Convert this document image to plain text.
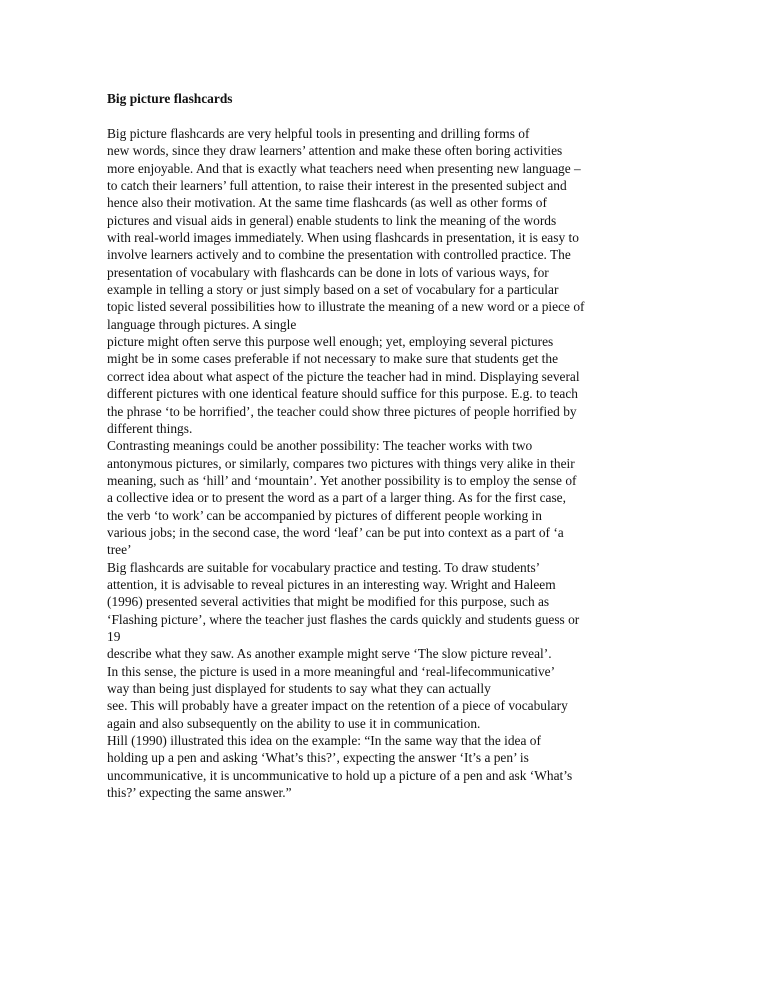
Big picture flashcards
Big picture flashcards are very helpful tools in presenting and drilling forms of
new words, since they draw learners’ attention and make these often boring activities
more enjoyable. And that is exactly what teachers need when presenting new language –
to catch their learners’ full attention, to raise their interest in the presented subject and
hence also their motivation. At the same time flashcards (as well as other forms of
pictures and visual aids in general) enable students to link the meaning of the words
with real-world images immediately. When using flashcards in presentation, it is easy to
involve learners actively and to combine the presentation with controlled practice. The
presentation of vocabulary with flashcards can be done in lots of various ways, for
example in telling a story or just simply based on a set of vocabulary for a particular
topic listed several possibilities how to illustrate the meaning of a new word or a piece of
language through pictures. A single
picture might often serve this purpose well enough; yet, employing several pictures
might be in some cases preferable if not necessary to make sure that students get the
correct idea about what aspect of the picture the teacher had in mind. Displaying several
different pictures with one identical feature should suffice for this purpose. E.g. to teach
the phrase ‘to be horrified’, the teacher could show three pictures of people horrified by
different things.
Contrasting meanings could be another possibility: The teacher works with two
antonymous pictures, or similarly, compares two pictures with things very alike in their
meaning, such as ‘hill’ and ‘mountain’. Yet another possibility is to employ the sense of
a collective idea or to present the word as a part of a larger thing. As for the first case,
the verb ‘to work’ can be accompanied by pictures of different people working in
various jobs; in the second case, the word ‘leaf’ can be put into context as a part of ‘a
tree’
Big flashcards are suitable for vocabulary practice and testing. To draw students’
attention, it is advisable to reveal pictures in an interesting way. Wright and Haleem
(1996) presented several activities that might be modified for this purpose, such as
‘Flashing picture’, where the teacher just flashes the cards quickly and students guess or
19
describe what they saw. As another example might serve ‘The slow picture reveal’.
In this sense, the picture is used in a more meaningful and ‘real-lifecommunicative’
way than being just displayed for students to say what they can actually
see. This will probably have a greater impact on the retention of a piece of vocabulary
again and also subsequently on the ability to use it in communication.
Hill (1990) illustrated this idea on the example: “In the same way that the idea of
holding up a pen and asking ‘What’s this?’, expecting the answer ‘It’s a pen’ is
uncommunicative, it is uncommunicative to hold up a picture of a pen and ask ‘What’s
this?’ expecting the same answer.”
